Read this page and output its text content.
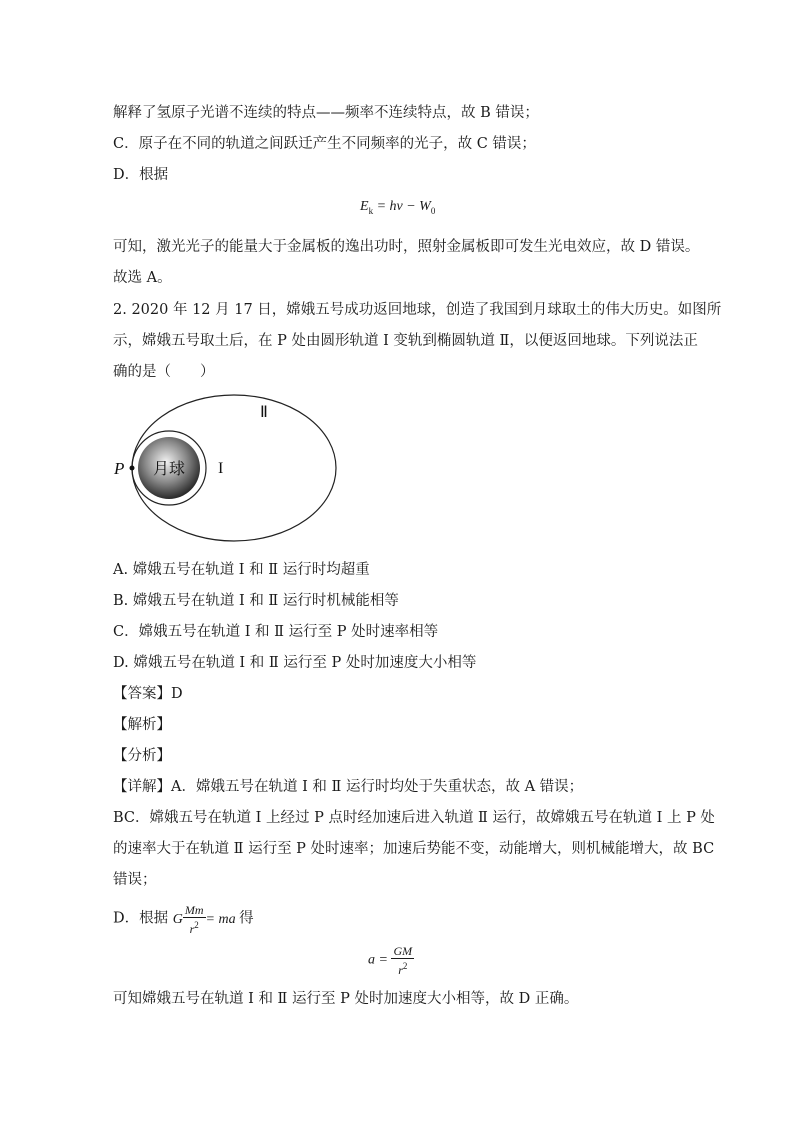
解释了氢原子光谱不连续的特点——频率不连续特点，故 B 错误；
C．原子在不同的轨道之间跃迁产生不同频率的光子，故 C 错误；
D．根据
$E_k = h\nu - W_0$
可知，激光光子的能量大于金属板的逸出功时，照射金属板即可发生光电效应，故 D 错误。
故选 A。
2. 2020 年 12 月 17 日，嫦娥五号成功返回地球，创造了我国到月球取土的伟大历史。如图所
示，嫦娥五号取土后，在 P 处由圆形轨道 I 变轨到椭圆轨道 Ⅱ，以便返回地球。下列说法正
确的是（　　）
月球
P	I
Ⅱ
A. 嫦娥五号在轨道 I 和 Ⅱ 运行时均超重
B. 嫦娥五号在轨道 I 和 Ⅱ 运行时机械能相等
C．嫦娥五号在轨道 I 和 Ⅱ 运行至 P 处时速率相等
D. 嫦娥五号在轨道 I 和 Ⅱ 运行至 P 处时加速度大小相等
【答案】D
【解析】
【分析】
【详解】A．嫦娥五号在轨道 I 和 Ⅱ 运行时均处于失重状态，故 A 错误；
BC．嫦娥五号在轨道 I 上经过 P 点时经加速后进入轨道 Ⅱ 运行，故嫦娥五号在轨道 I 上 P 处
的速率大于在轨道 Ⅱ 运行至 P 处时速率；加速后势能不变，动能增大，则机械能增大，故 BC
错误；
D．根据 G $\frac{Mm}{r^2}$ = ma 得
$a = \frac{GM}{r^2}$
可知嫦娥五号在轨道 I 和 Ⅱ 运行至 P 处时加速度大小相等，故 D 正确。
